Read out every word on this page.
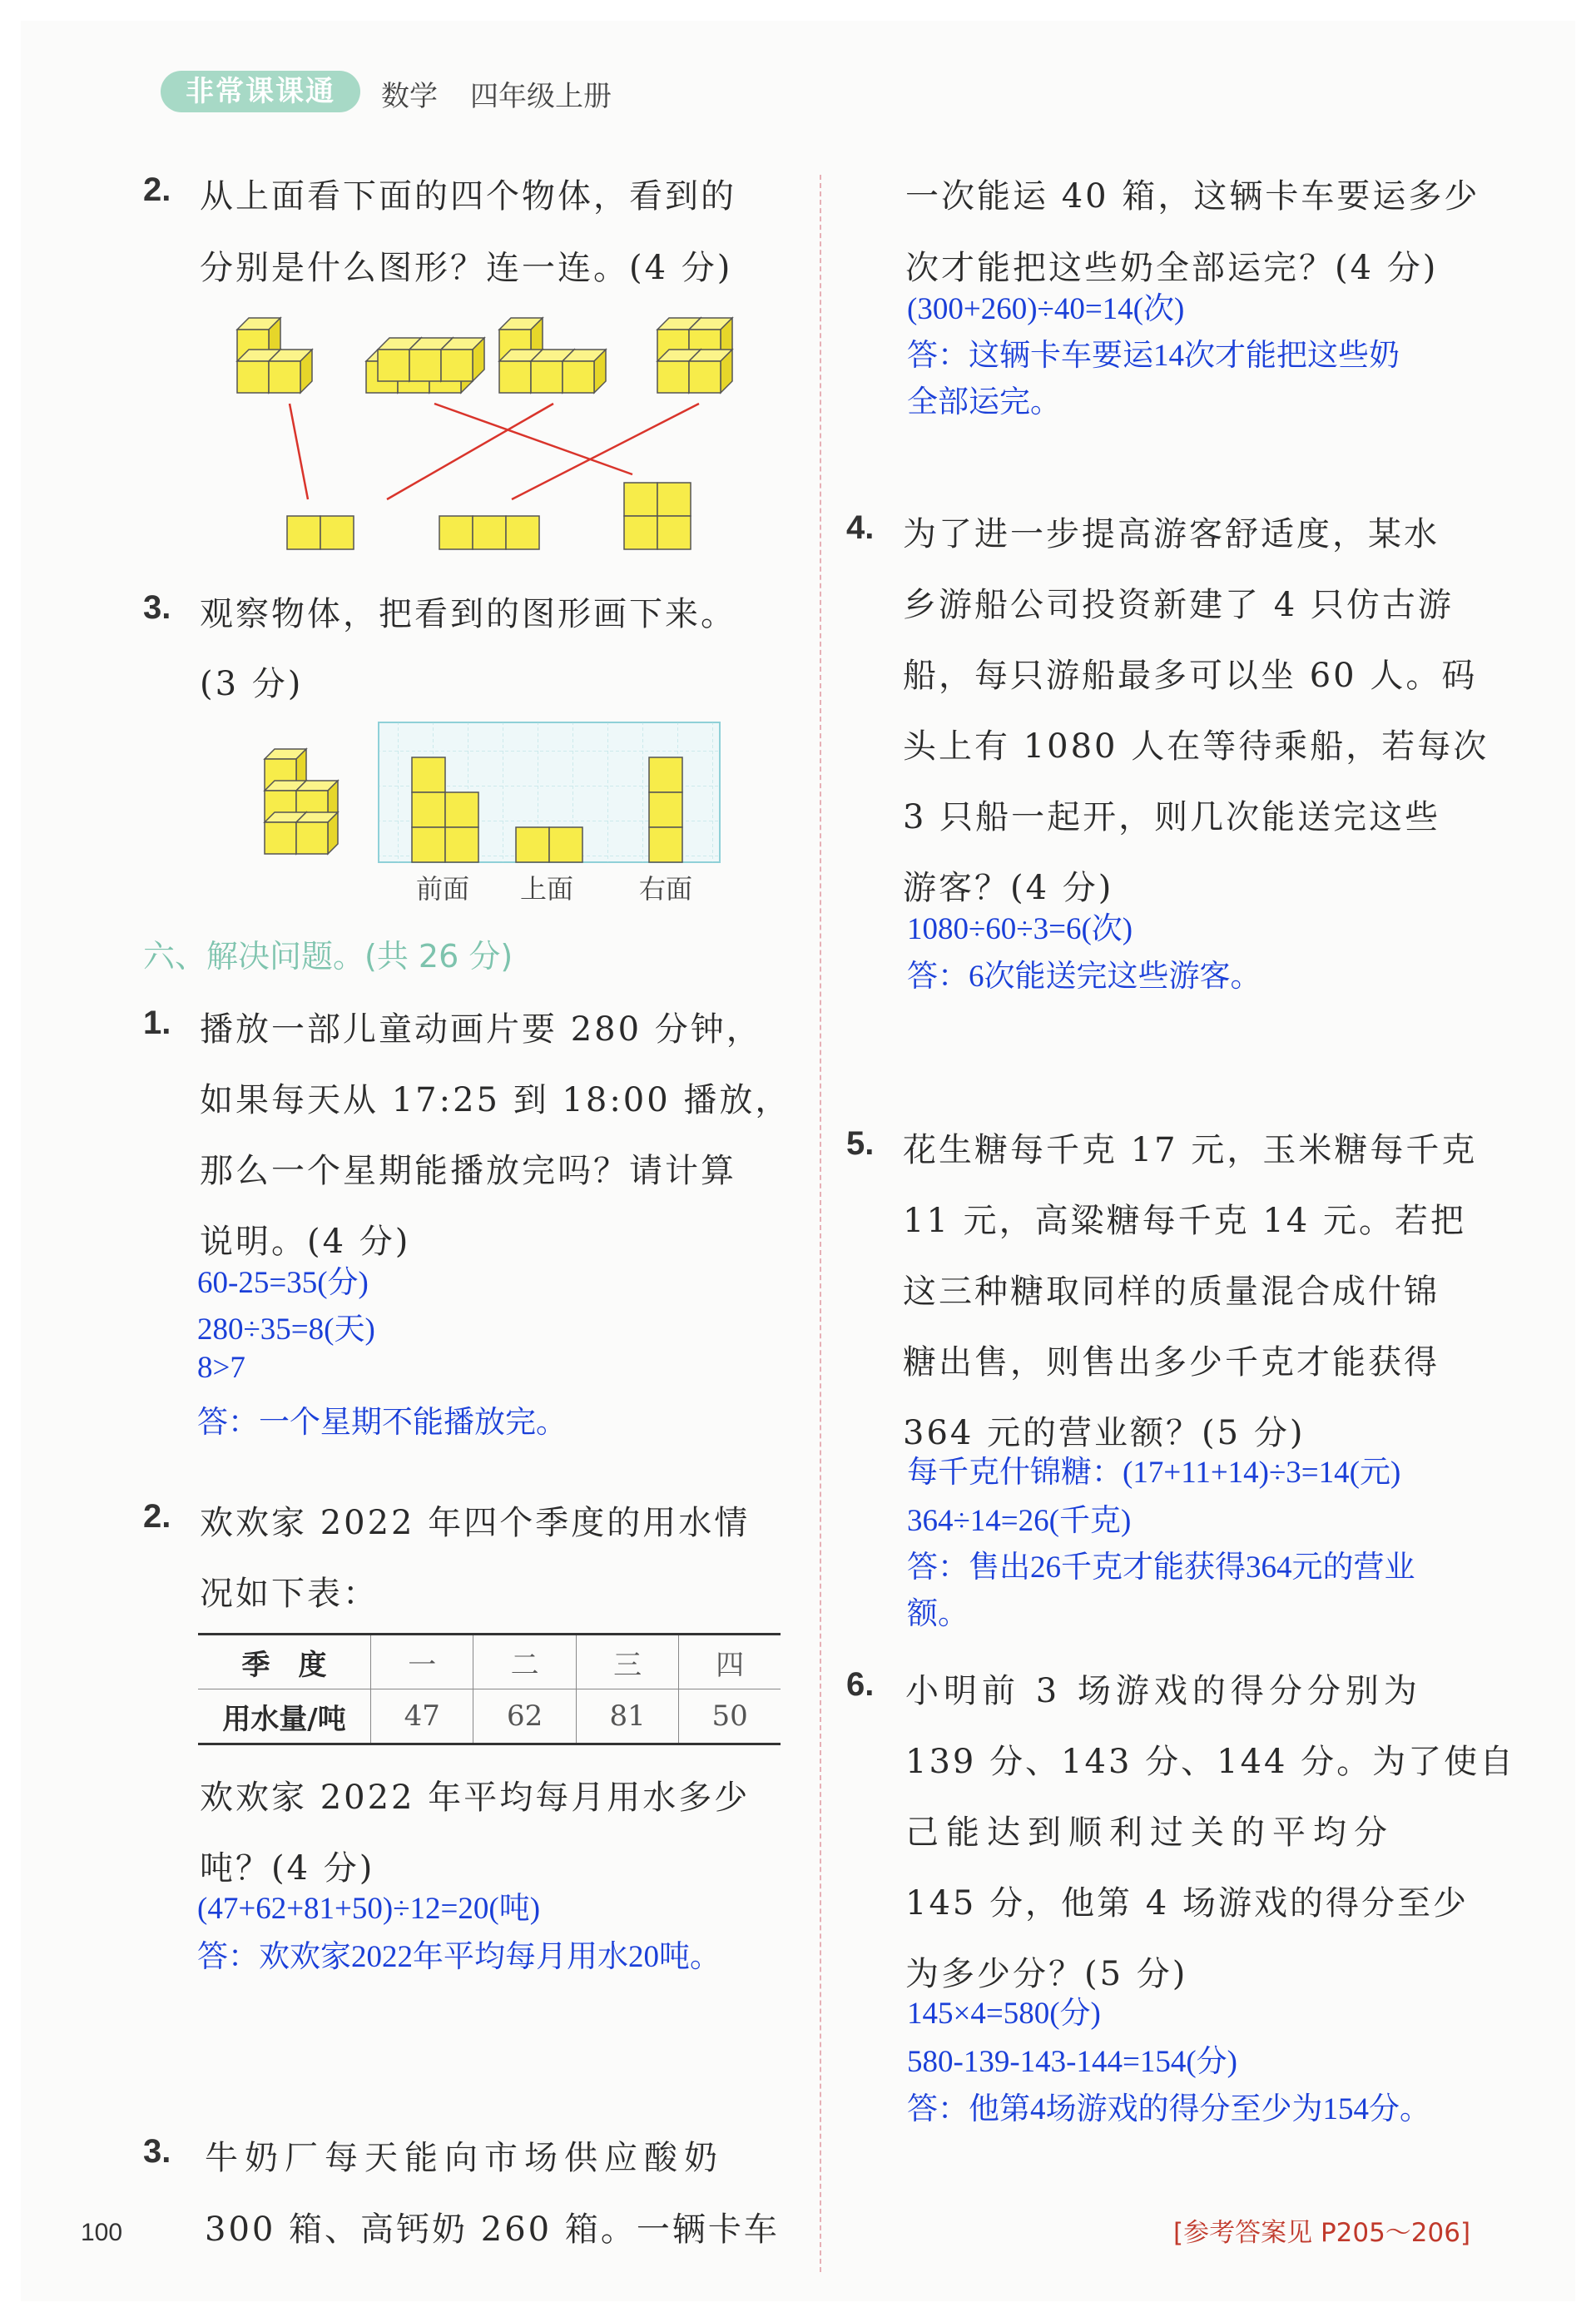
非常课课通	数学 四年级上册
2. 从上面看下面的四个物体，看到的
分别是什么图形？连一连。(4 分)
3. 观察物体，把看到的图形画下来。
(3 分)
前面 上面 右面
六、解决问题。(共 26 分)
1. 播放一部儿童动画片要 280 分钟，
如果每天从 17:25 到 18:00 播放，
那么一个星期能播放完吗？请计算
说明。(4 分)
60-25=35(分)
280÷35=8(天)
8>7
答：一个星期不能播放完。
2. 欢欢家 2022 年四个季度的用水情
况如下表：
季　度	一	二	三	四
用水量/吨	47	62	81	50
欢欢家 2022 年平均每月用水多少
吨？(4 分)
(47+62+81+50)÷12=20(吨)
答：欢欢家2022年平均每月用水20吨。
3. 牛奶厂每天能向市场供应酸奶
300 箱、高钙奶 260 箱。一辆卡车
100
一次能运 40 箱，这辆卡车要运多少
次才能把这些奶全部运完？(4 分)
(300+260)÷40=14(次)
答：这辆卡车要运14次才能把这些奶
全部运完。
4. 为了进一步提高游客舒适度，某水
乡游船公司投资新建了 4 只仿古游
船，每只游船最多可以坐 60 人。码
头上有 1080 人在等待乘船，若每次
3 只船一起开，则几次能送完这些
游客？(4 分)
1080÷60÷3=6(次)
答：6次能送完这些游客。
5. 花生糖每千克 17 元，玉米糖每千克
11 元，高粱糖每千克 14 元。若把
这三种糖取同样的质量混合成什锦
糖出售，则售出多少千克才能获得
364 元的营业额？(5 分)
每千克什锦糖：(17+11+14)÷3=14(元)
364÷14=26(千克)
答：售出26千克才能获得364元的营业
额。
6. 小明前 3 场游戏的得分分别为
139 分、143 分、144 分。为了使自
己能达到顺利过关的平均分
145 分，他第 4 场游戏的得分至少
为多少分？(5 分)
145×4=580(分)
580-139-143-144=154(分)
答：他第4场游戏的得分至少为154分。
[参考答案见 P205～206]
